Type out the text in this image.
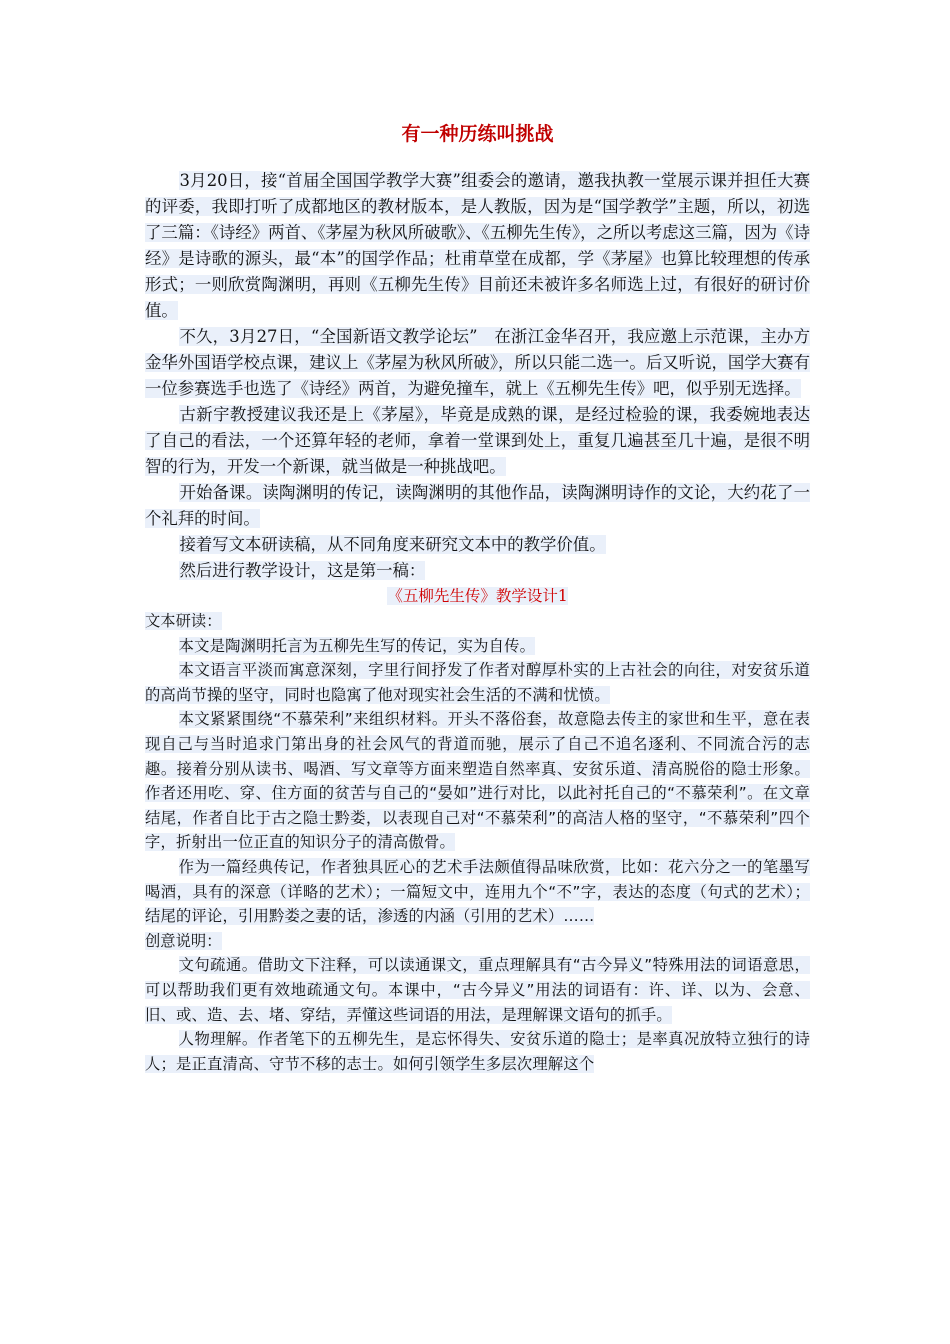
有一种历练叫挑战

3月20日，接“首届全国国学教学大赛”组委会的邀请，邀我执教一堂展示课并担任大赛的评委，我即打听了成都地区的教材版本，是人教版，因为是“国学教学”主题，所以，初选了三篇：《诗经》两首、《茅屋为秋风所破歌》、《五柳先生传》，之所以考虑这三篇，因为《诗经》是诗歌的源头，最“本”的国学作品；杜甫草堂在成都，学《茅屋》也算比较理想的传承形式；一则欣赏陶渊明，再则《五柳先生传》目前还未被许多名师选上过，有很好的研讨价值。

不久，3月27日，“全国新语文教学论坛”　在浙江金华召开，我应邀上示范课，主办方金华外国语学校点课，建议上《茅屋为秋风所破》，所以只能二选一。后又听说，国学大赛有一位参赛选手也选了《诗经》两首，为避免撞车，就上《五柳先生传》吧，似乎别无选择。

古新宇教授建议我还是上《茅屋》，毕竟是成熟的课，是经过检验的课，我委婉地表达了自己的看法，一个还算年轻的老师，拿着一堂课到处上，重复几遍甚至几十遍，是很不明智的行为，开发一个新课，就当做是一种挑战吧。

开始备课。读陶渊明的传记，读陶渊明的其他作品，读陶渊明诗作的文论，大约花了一个礼拜的时间。

接着写文本研读稿，从不同角度来研究文本中的教学价值。

然后进行教学设计，这是第一稿：

《五柳先生传》教学设计1
文本研读：

本文是陶渊明托言为五柳先生写的传记，实为自传。

本文语言平淡而寓意深刻，字里行间抒发了作者对醇厚朴实的上古社会的向往，对安贫乐道的高尚节操的坚守，同时也隐寓了他对现实社会生活的不满和忧愤。

本文紧紧围绕“不慕荣利”来组织材料。开头不落俗套，故意隐去传主的家世和生平，意在表现自己与当时追求门第出身的社会风气的背道而驰，展示了自己不追名逐利、不同流合污的志趣。接着分别从读书、喝酒、写文章等方面来塑造自然率真、安贫乐道、清高脱俗的隐士形象。作者还用吃、穿、住方面的贫苦与自己的“晏如”进行对比，以此衬托自己的“不慕荣利”。在文章结尾，作者自比于古之隐士黔娄，以表现自己对“不慕荣利”的高洁人格的坚守，“不慕荣利”四个字，折射出一位正直的知识分子的清高傲骨。

作为一篇经典传记，作者独具匠心的艺术手法颇值得品味欣赏，比如：花六分之一的笔墨写喝酒，具有的深意（详略的艺术）；一篇短文中，连用九个“不”字，表达的态度（句式的艺术）；结尾的评论，引用黔娄之妻的话，渗透的内涵（引用的艺术）……

创意说明：

文句疏通。借助文下注释，可以读通课文，重点理解具有“古今异义”特殊用法的词语意思，可以帮助我们更有效地疏通文句。本课中，“古今异义”用法的词语有：许、详、以为、会意、旧、或、造、去、堵、穿结，弄懂这些词语的用法，是理解课文语句的抓手。

人物理解。作者笔下的五柳先生，是忘怀得失、安贫乐道的隐士；是率真况放特立独行的诗人；是正直清高、守节不移的志士。如何引领学生多层次理解这个
